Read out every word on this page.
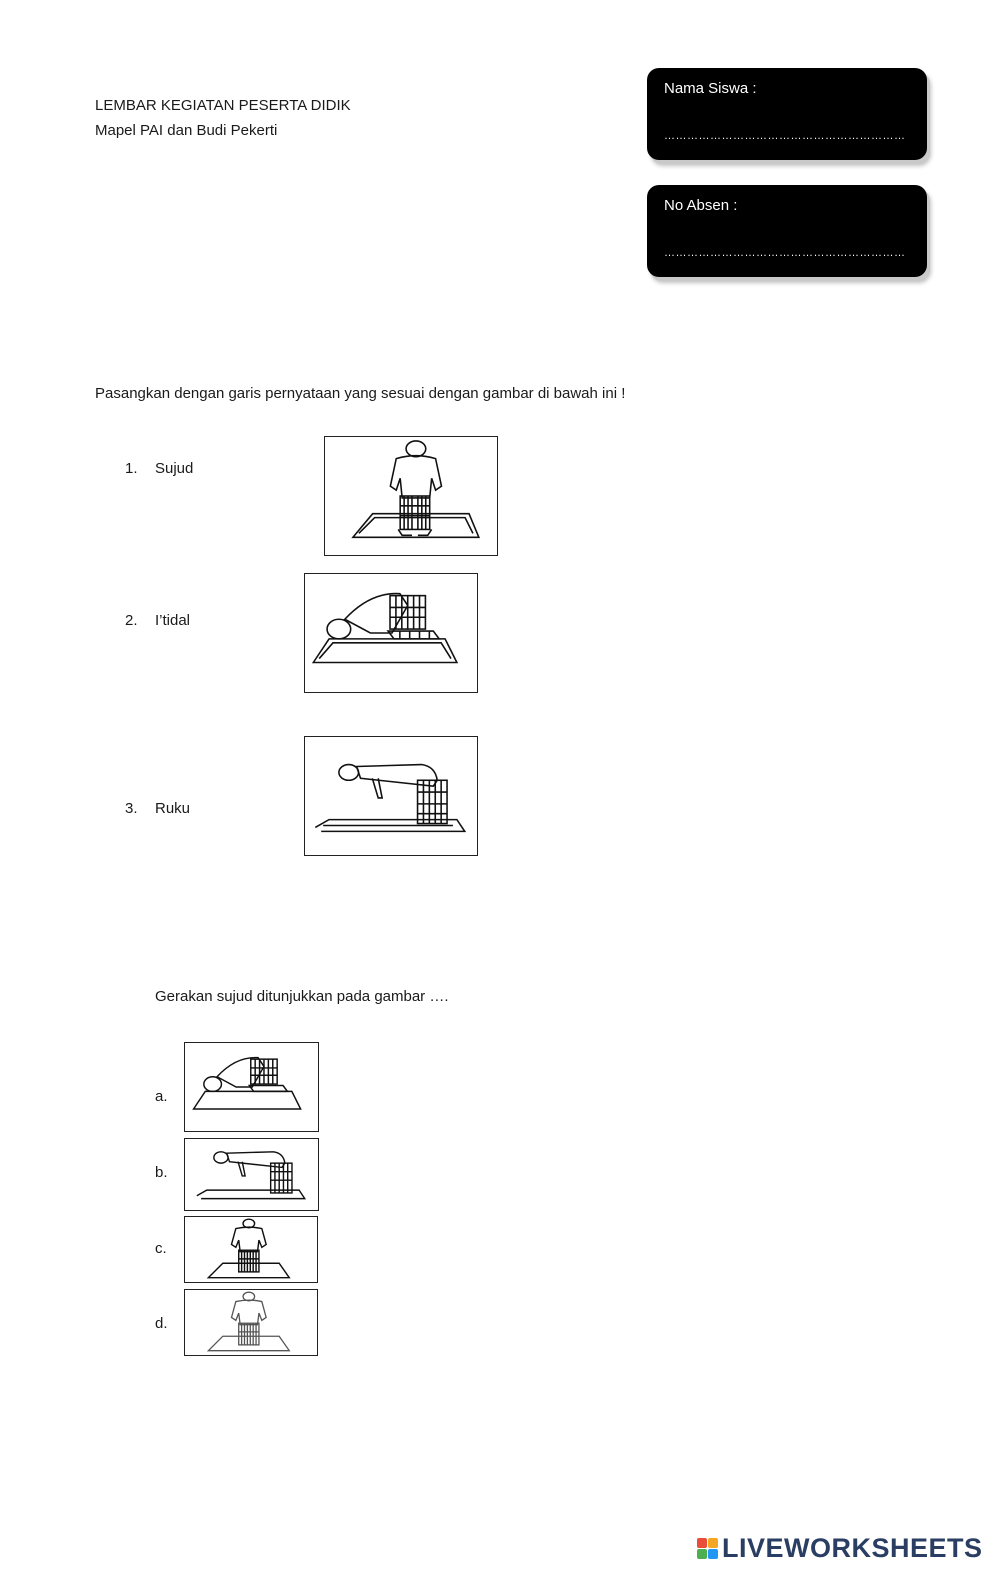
LEMBAR KEGIATAN PESERTA DIDIK
Mapel PAI dan Budi Pekerti
Nama Siswa :
………………………………………………………
No Absen :
………………………………………………………
Pasangkan dengan garis pernyataan yang sesuai dengan gambar di bawah ini !
1. Sujud
2. I’tidal
3. Ruku
Gerakan sujud ditunjukkan pada gambar ….
a.
b.
c.
d.
LIVEWORKSHEETS
